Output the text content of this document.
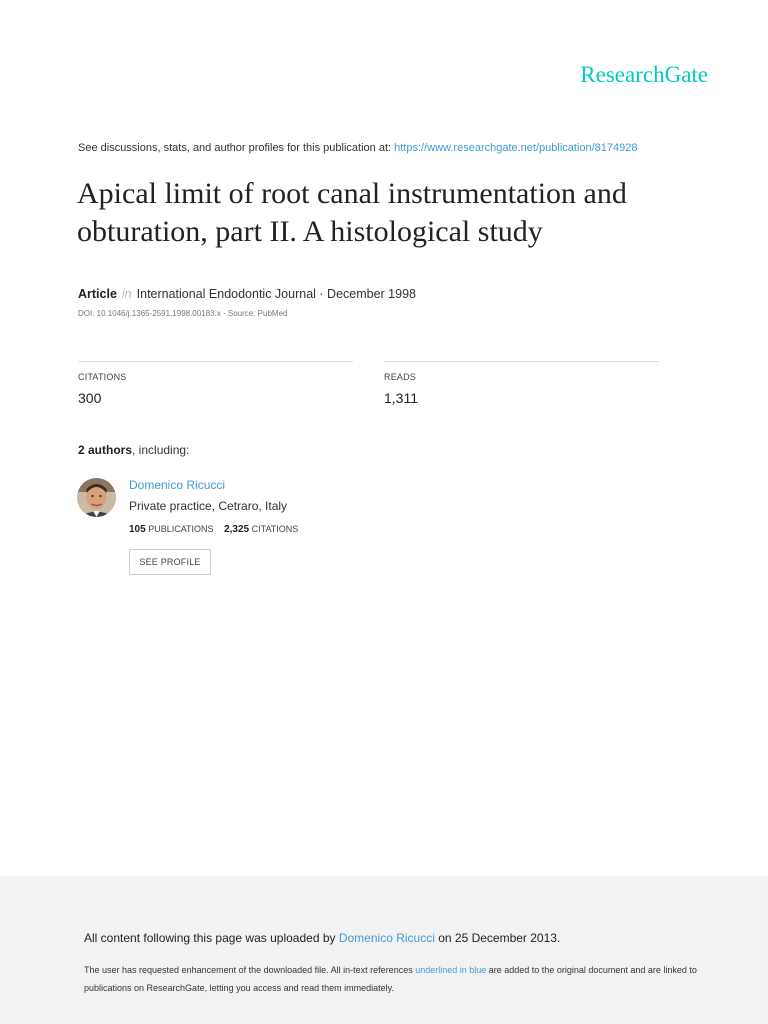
ResearchGate
See discussions, stats, and author profiles for this publication at: https://www.researchgate.net/publication/8174928
Apical limit of root canal instrumentation and obturation, part II. A histological study
Article in International Endodontic Journal · December 1998
DOI: 10.1046/j.1365-2591.1998.00183.x · Source: PubMed
CITATIONS
300
READS
1,311
2 authors, including:
Domenico Ricucci
Private practice, Cetraro, Italy
105 PUBLICATIONS 2,325 CITATIONS
SEE PROFILE
All content following this page was uploaded by Domenico Ricucci on 25 December 2013.
The user has requested enhancement of the downloaded file. All in-text references underlined in blue are added to the original document and are linked to publications on ResearchGate, letting you access and read them immediately.
